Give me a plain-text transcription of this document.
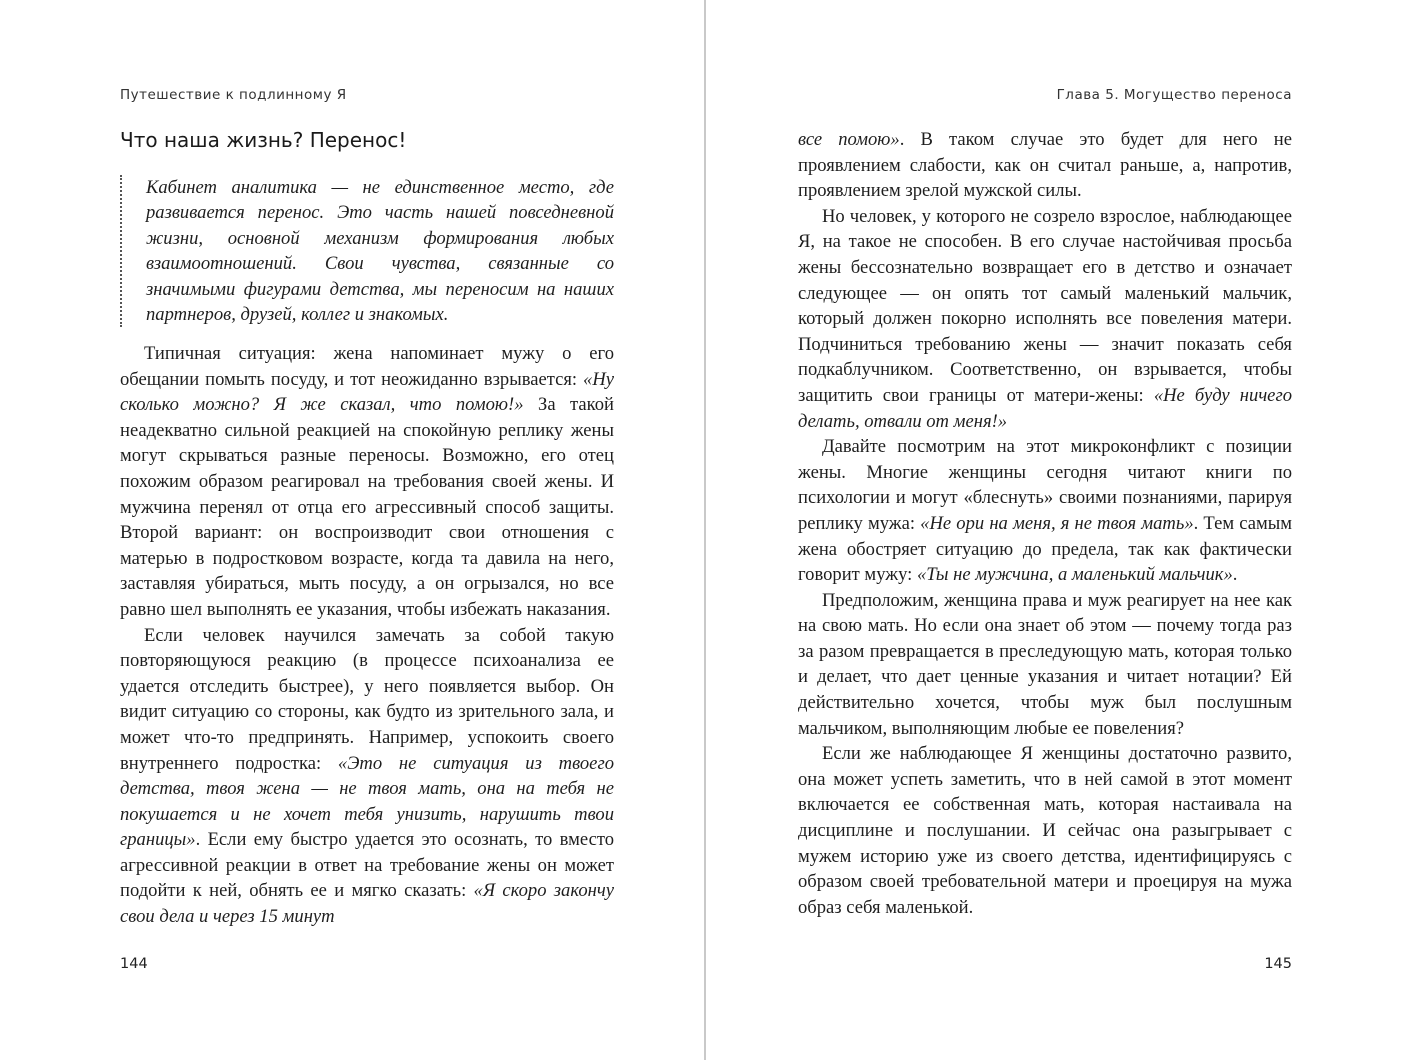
Путешествие к подлинному Я
Что наша жизнь? Перенос!

Кабинет аналитика — не единственное место, где развивается перенос. Это часть нашей повседневной жизни, основной механизм формирования любых взаимоотношений. Свои чувства, связанные со значимыми фигурами детства, мы переносим на наших партнеров, друзей, коллег и знакомых.

Типичная ситуация: жена напоминает мужу о его обещании помыть посуду, и тот неожиданно взрывается: «Ну сколько можно? Я же сказал, что помою!» За такой неадекватно сильной реакцией на спокойную реплику жены могут скрываться разные переносы. Возможно, его отец похожим образом реагировал на требования своей жены. И мужчина перенял от отца его агрессивный способ защиты. Второй вариант: он воспроизводит свои отношения с матерью в подростковом возрасте, когда та давила на него, заставляя убираться, мыть посуду, а он огрызался, но все равно шел выполнять ее указания, чтобы избежать наказания.

Если человек научился замечать за собой такую повторяющуюся реакцию (в процессе психоанализа ее удается отследить быстрее), у него появляется выбор. Он видит ситуацию со стороны, как будто из зрительного зала, и может что-то предпринять. Например, успокоить своего внутреннего подростка: «Это не ситуация из твоего детства, твоя жена — не твоя мать, она на тебя не покушается и не хочет тебя унизить, нарушить твои границы». Если ему быстро удается это осознать, то вместо агрессивной реакции в ответ на требование жены он может подойти к ней, обнять ее и мягко сказать: «Я скоро закончу свои дела и через 15 минут

144
Глава 5. Могущество переноса

все помою». В таком случае это будет для него не проявлением слабости, как он считал раньше, а, напротив, проявлением зрелой мужской силы.

Но человек, у которого не созрело взрослое, наблюдающее Я, на такое не способен. В его случае настойчивая просьба жены бессознательно возвращает его в детство и означает следующее — он опять тот самый маленький мальчик, который должен покорно исполнять все повеления матери. Подчиниться требованию жены — значит показать себя подкаблучником. Соответственно, он взрывается, чтобы защитить свои границы от матери-жены: «Не буду ничего делать, отвали от меня!»

Давайте посмотрим на этот микроконфликт с позиции жены. Многие женщины сегодня читают книги по психологии и могут «блеснуть» своими познаниями, парируя реплику мужа: «Не ори на меня, я не твоя мать». Тем самым жена обостряет ситуацию до предела, так как фактически говорит мужу: «Ты не мужчина, а маленький мальчик».

Предположим, женщина права и муж реагирует на нее как на свою мать. Но если она знает об этом — почему тогда раз за разом превращается в преследующую мать, которая только и делает, что дает ценные указания и читает нотации? Ей действительно хочется, чтобы муж был послушным мальчиком, выполняющим любые ее повеления?

Если же наблюдающее Я женщины достаточно развито, она может успеть заметить, что в ней самой в этот момент включается ее собственная мать, которая настаивала на дисциплине и послушании. И сейчас она разыгрывает с мужем историю уже из своего детства, идентифицируясь с образом своей требовательной матери и проецируя на мужа образ себя маленькой.

145
